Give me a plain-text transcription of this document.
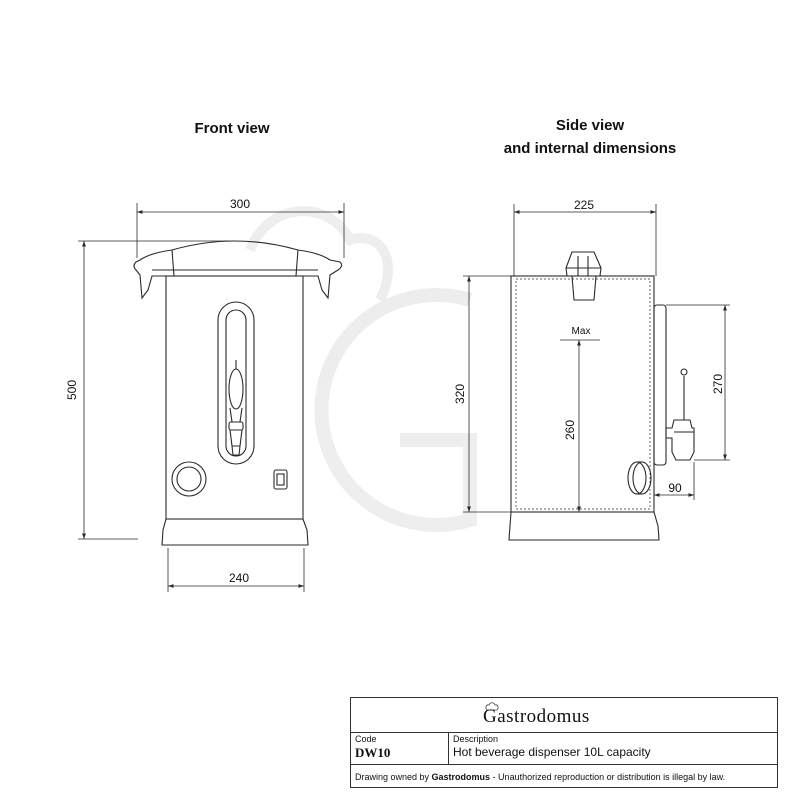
Front view	Side view
and internal dimensions
300
500
240
225
320
Max
260
270
90
Gastrodomus
Code
DW10
Description
Hot beverage dispenser 10L capacity
Drawing owned by Gastrodomus - Unauthorized reproduction or distribution is illegal by law.
